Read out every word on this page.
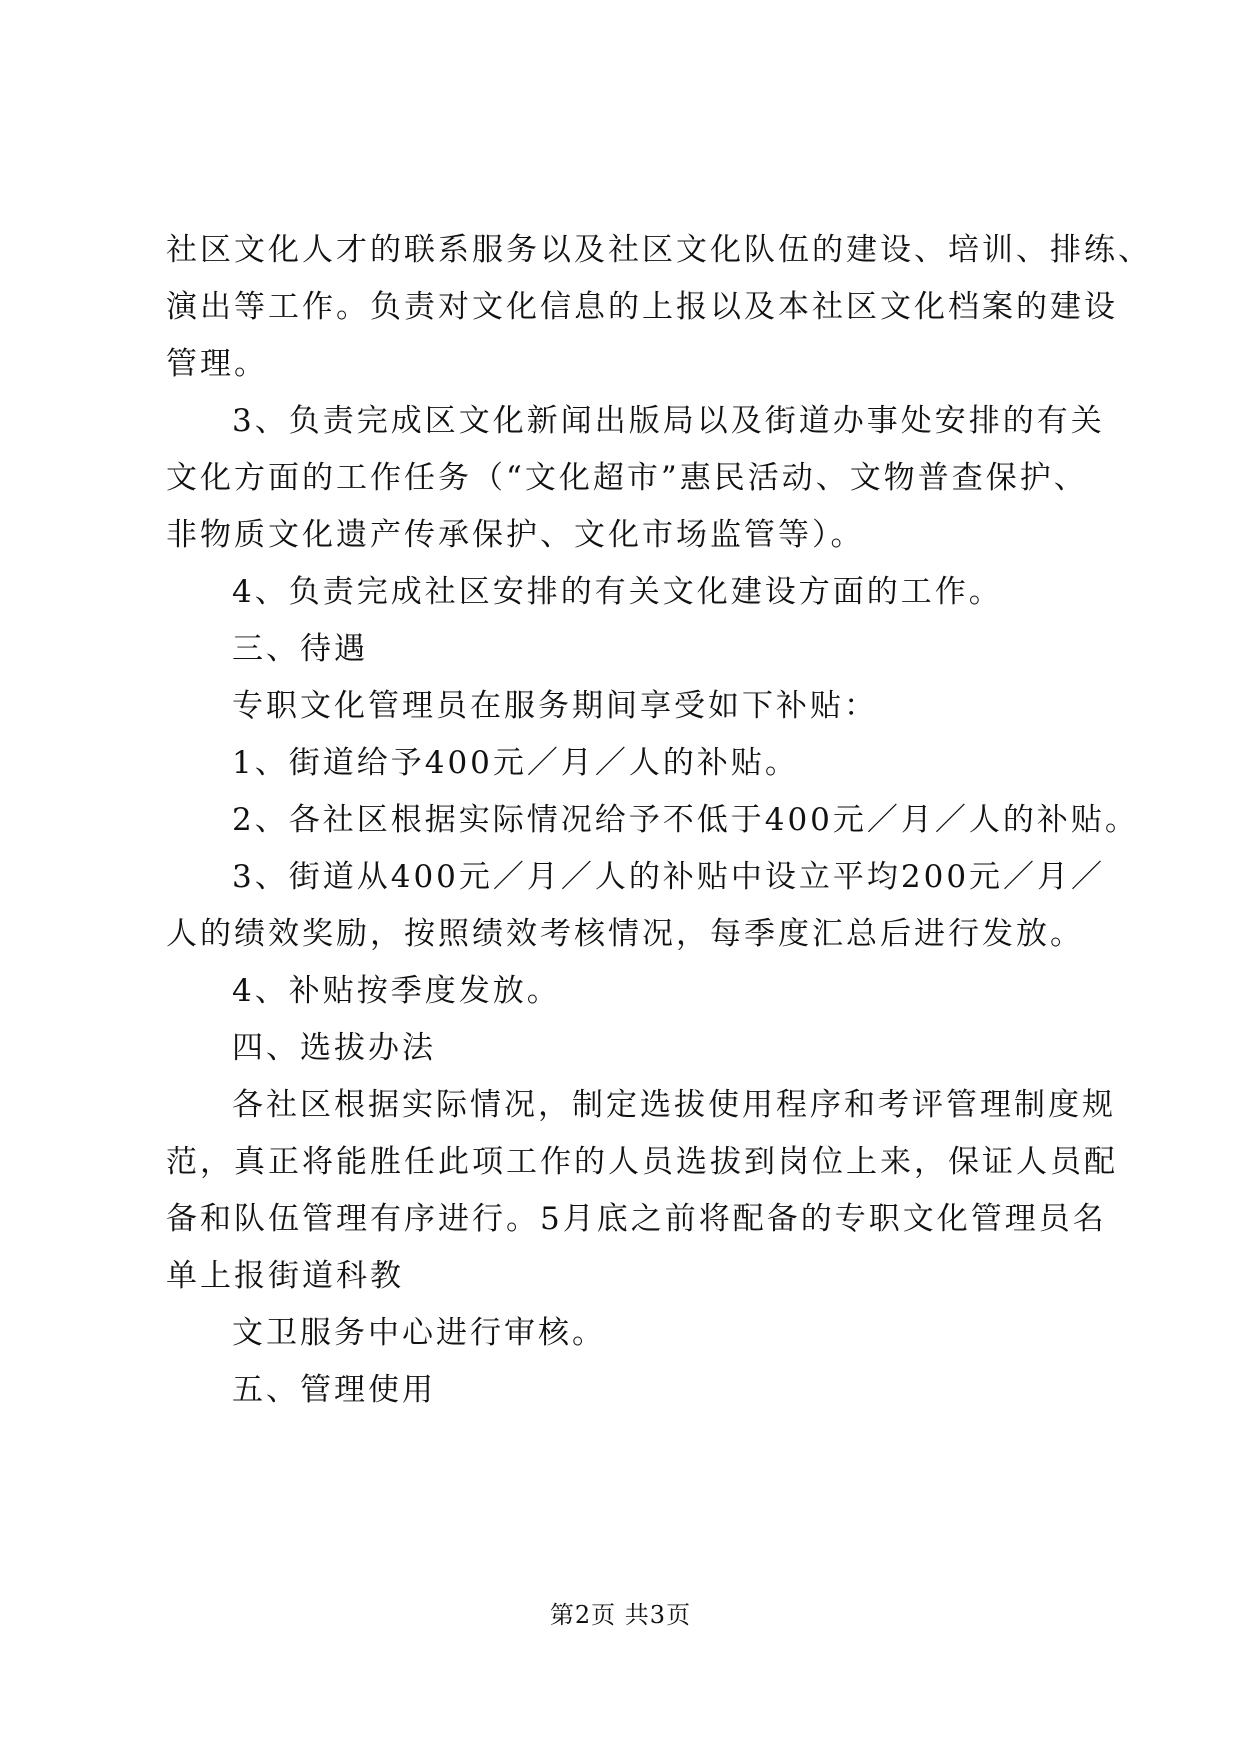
社区文化人才的联系服务以及社区文化队伍的建设、培训、排练、
演出等工作。负责对文化信息的上报以及本社区文化档案的建设
管理。
3、负责完成区文化新闻出版局以及街道办事处安排的有关
文化方面的工作任务（“文化超市”惠民活动、文物普查保护、
非物质文化遗产传承保护、文化市场监管等）。
4、负责完成社区安排的有关文化建设方面的工作。
三、待遇
专职文化管理员在服务期间享受如下补贴：
1、街道给予400元／月／人的补贴。
2、各社区根据实际情况给予不低于400元／月／人的补贴。
3、街道从400元／月／人的补贴中设立平均200元／月／
人的绩效奖励，按照绩效考核情况，每季度汇总后进行发放。
4、补贴按季度发放。
四、选拔办法
各社区根据实际情况，制定选拔使用程序和考评管理制度规
范，真正将能胜任此项工作的人员选拔到岗位上来，保证人员配
备和队伍管理有序进行。5月底之前将配备的专职文化管理员名
单上报街道科教
文卫服务中心进行审核。
五、管理使用
第2页 共3页
